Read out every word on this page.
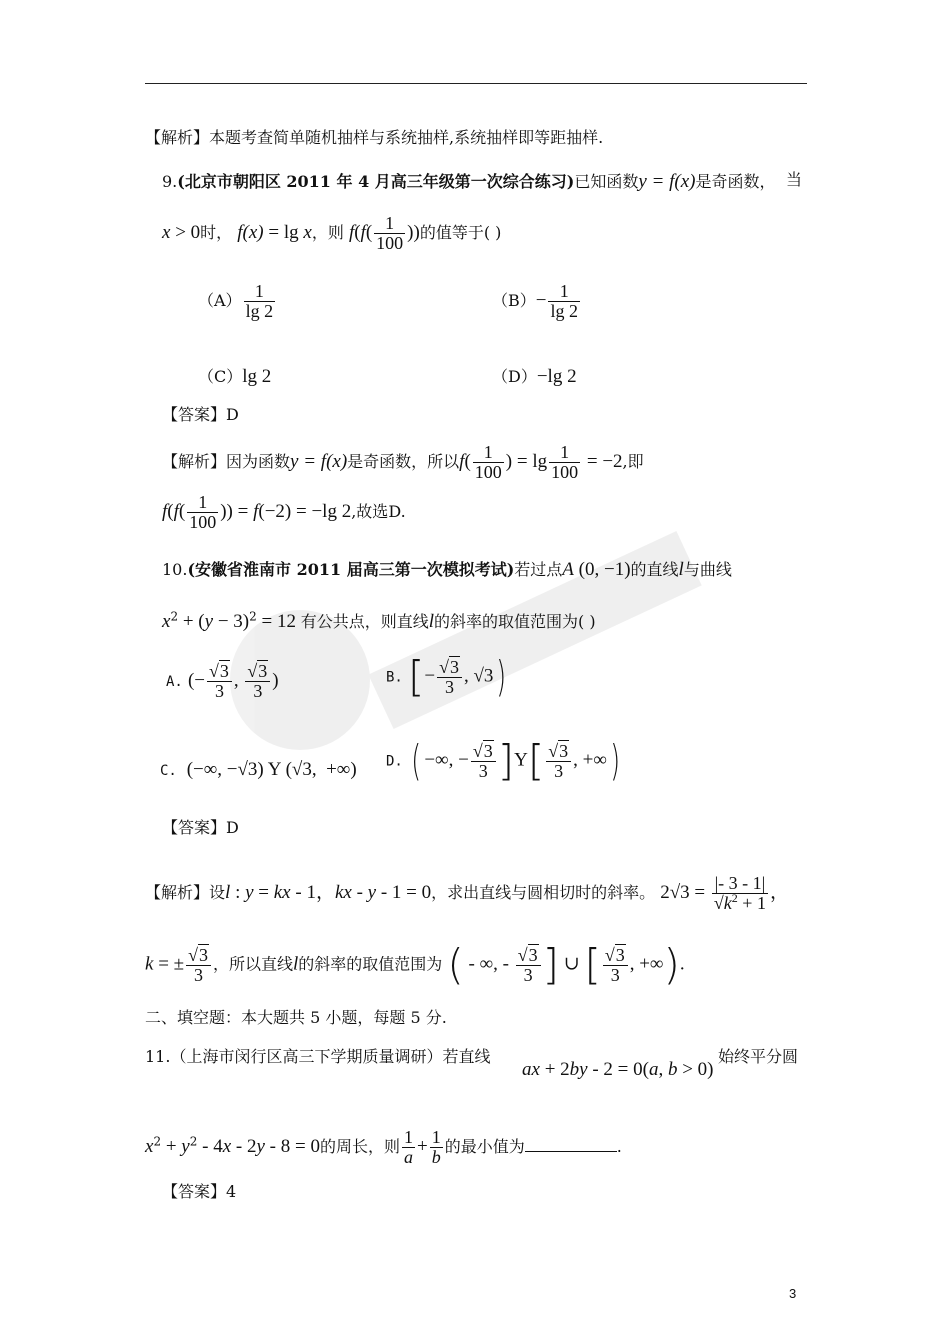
【解析】本题考查简单随机抽样与系统抽样,系统抽样即等距抽样.
9.(北京市朝阳区 2011 年 4 月高三年级第一次综合练习)已知函数y = f(x)是奇函数， 当
x > 0时， f(x) = lg x，则 $f(f( \frac{1}{100}$ ))的值等于( )
$(A) \frac{1}{\lg 2}$	$(B)- \frac{1}{\lg 2}$
（C）lg 2	（D）−lg 2
【答案】D
【解析】因为函数y = f(x)是奇函数，所以$f( \frac{1}{100}$ ) = $\lg \frac{1}{100} = -2$,即
$f(f( \frac{1}{100}$ )) = f(−2) = −lg 2,故选D.
10.(安徽省淮南市 2011 届高三第一次模拟考试)若过点A (0, −1)的直线l与曲线
$x^2 + (y - 3)^2 = 12$ 有公共点，则直线l的斜率的取值范围为( )
A. (− $\frac{√3}{3}$ , $\frac{√3}{3}$ )	B. [− $\frac{√3}{3}$ , √3)
C.  (−∞, −√3) Y (√3,  +∞) D. ( −∞, − $\frac{√3}{3} ]Y[ \frac{√3}{3}$ , +∞)
【答案】D
【解析】设l : y = kx - 1，kx - y - 1 = 0，求出直线与圆相切时的斜率。 $2√3 = \frac{|- 3 - 1|}{√k^2 + 1}$ ，
k = ± $\frac{√3}{3}$ ，所以直线l的斜率的取值范围为 ( - ∞, - $\frac{√3}{3}$ ] ∪ [ $\frac{√3}{3}$ , +∞).
二、填空题：本大题共 5 小题，每题 5 分.
11.（上海市闵行区高三下学期质量调研）若直线
ax + 2by - 2 = 0(a, b > 0)
始终平分圆
$x^2 + y^2 - 4x - 2y - 8 = 0$的周长，则 $\frac{1}{a} + \frac{1}{b}$ 的最小值为	.
【答案】4
3
